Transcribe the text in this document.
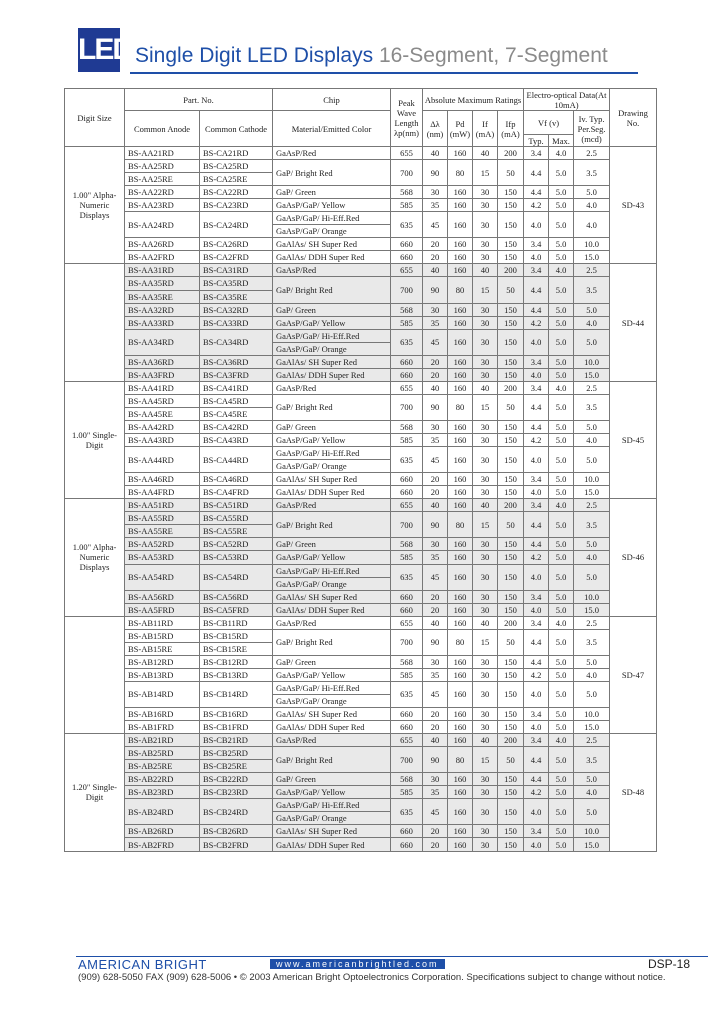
LED Single Digit LED Displays 16-Segment, 7-Segment
Digit Size	Part. No.		Chip	Peak Wave Length λp(nm)	Absolute Maximum Ratings				Electro-optical Data(At 10mA)			Drawing No.
	Common Anode	Common Cathode	Material/Emitted Color		Δλ (nm)	Pd (mW)	If (mA)	Ifp (mA)	Vf (v)		Iv. Typ. Per.Seg. (mcd)	
									Typ.	Max.		
1.00" Alpha-Numeric Displays	BS-AA21RD	BS-CA21RD	GaAsP/Red	655	40	160	40	200	3.4	4.0	2.5	SD-43
	BS-AA25RD	BS-CA25RD	GaP/ Bright Red	700	90	80	15	50	4.4	5.0	3.5	
	BS-AA25RE	BS-CA25RE										
	BS-AA22RD	BS-CA22RD	GaP/ Green	568	30	160	30	150	4.4	5.0	5.0	
	BS-AA23RD	BS-CA23RD	GaAsP/GaP/ Yellow	585	35	160	30	150	4.2	5.0	4.0	
	BS-AA24RD	BS-CA24RD	GaAsP/GaP/ Hi-Eff.Red	635	45	160	30	150	4.0	5.0	4.0	
			GaAsP/GaP/ Orange									
	BS-AA26RD	BS-CA26RD	GaAlAs/ SH Super Red	660	20	160	30	150	3.4	5.0	10.0	
	BS-AA2FRD	BS-CA2FRD	GaAlAs/ DDH Super Red	660	20	160	30	150	4.0	5.0	15.0	
	BS-AA31RD	BS-CA31RD	GaAsP/Red	655	40	160	40	200	3.4	4.0	2.5	SD-44
	BS-AA35RD	BS-CA35RD	GaP/ Bright Red	700	90	80	15	50	4.4	5.0	3.5	
	BS-AA35RE	BS-CA35RE										
	BS-AA32RD	BS-CA32RD	GaP/ Green	568	30	160	30	150	4.4	5.0	5.0	
	BS-AA33RD	BS-CA33RD	GaAsP/GaP/ Yellow	585	35	160	30	150	4.2	5.0	4.0	
	BS-AA34RD	BS-CA34RD	GaAsP/GaP/ Hi-Eff.Red	635	45	160	30	150	4.0	5.0	5.0	
			GaAsP/GaP/ Orange									
	BS-AA36RD	BS-CA36RD	GaAlAs/ SH Super Red	660	20	160	30	150	3.4	5.0	10.0	
	BS-AA3FRD	BS-CA3FRD	GaAlAs/ DDH Super Red	660	20	160	30	150	4.0	5.0	15.0	
1.00" Single-Digit	BS-AA41RD	BS-CA41RD	GaAsP/Red	655	40	160	40	200	3.4	4.0	2.5	SD-45
	BS-AA45RD	BS-CA45RD	GaP/ Bright Red	700	90	80	15	50	4.4	5.0	3.5	
	BS-AA45RE	BS-CA45RE										
	BS-AA42RD	BS-CA42RD	GaP/ Green	568	30	160	30	150	4.4	5.0	5.0	
	BS-AA43RD	BS-CA43RD	GaAsP/GaP/ Yellow	585	35	160	30	150	4.2	5.0	4.0	
	BS-AA44RD	BS-CA44RD	GaAsP/GaP/ Hi-Eff.Red	635	45	160	30	150	4.0	5.0	5.0	
			GaAsP/GaP/ Orange									
	BS-AA46RD	BS-CA46RD	GaAlAs/ SH Super Red	660	20	160	30	150	3.4	5.0	10.0	
	BS-AA4FRD	BS-CA4FRD	GaAlAs/ DDH Super Red	660	20	160	30	150	4.0	5.0	15.0	
1.00" Alpha-Numeric Displays	BS-AA51RD	BS-CA51RD	GaAsP/Red	655	40	160	40	200	3.4	4.0	2.5	SD-46
	BS-AA55RD	BS-CA55RD	GaP/ Bright Red	700	90	80	15	50	4.4	5.0	3.5	
	BS-AA55RE	BS-CA55RE										
	BS-AA52RD	BS-CA52RD	GaP/ Green	568	30	160	30	150	4.4	5.0	5.0	
	BS-AA53RD	BS-CA53RD	GaAsP/GaP/ Yellow	585	35	160	30	150	4.2	5.0	4.0	
	BS-AA54RD	BS-CA54RD	GaAsP/GaP/ Hi-Eff.Red	635	45	160	30	150	4.0	5.0	5.0	
			GaAsP/GaP/ Orange									
	BS-AA56RD	BS-CA56RD	GaAlAs/ SH Super Red	660	20	160	30	150	3.4	5.0	10.0	
	BS-AA5FRD	BS-CA5FRD	GaAlAs/ DDH Super Red	660	20	160	30	150	4.0	5.0	15.0	
	BS-AB11RD	BS-CB11RD	GaAsP/Red	655	40	160	40	200	3.4	4.0	2.5	SD-47
	BS-AB15RD	BS-CB15RD	GaP/ Bright Red	700	90	80	15	50	4.4	5.0	3.5	
	BS-AB15RE	BS-CB15RE										
	BS-AB12RD	BS-CB12RD	GaP/ Green	568	30	160	30	150	4.4	5.0	5.0	
	BS-AB13RD	BS-CB13RD	GaAsP/GaP/ Yellow	585	35	160	30	150	4.2	5.0	4.0	
	BS-AB14RD	BS-CB14RD	GaAsP/GaP/ Hi-Eff.Red	635	45	160	30	150	4.0	5.0	5.0	
			GaAsP/GaP/ Orange									
	BS-AB16RD	BS-CB16RD	GaAlAs/ SH Super Red	660	20	160	30	150	3.4	5.0	10.0	
	BS-AB1FRD	BS-CB1FRD	GaAlAs/ DDH Super Red	660	20	160	30	150	4.0	5.0	15.0	
1.20" Single-Digit	BS-AB21RD	BS-CB21RD	GaAsP/Red	655	40	160	40	200	3.4	4.0	2.5	SD-48
	BS-AB25RD	BS-CB25RD	GaP/ Bright Red	700	90	80	15	50	4.4	5.0	3.5	
	BS-AB25RE	BS-CB25RE										
	BS-AB22RD	BS-CB22RD	GaP/ Green	568	30	160	30	150	4.4	5.0	5.0	
	BS-AB23RD	BS-CB23RD	GaAsP/GaP/ Yellow	585	35	160	30	150	4.2	5.0	4.0	
	BS-AB24RD	BS-CB24RD	GaAsP/GaP/ Hi-Eff.Red	635	45	160	30	150	4.0	5.0	5.0	
			GaAsP/GaP/ Orange									
	BS-AB26RD	BS-CB26RD	GaAlAs/ SH Super Red	660	20	160	30	150	3.4	5.0	10.0	
	BS-AB2FRD	BS-CB2FRD	GaAlAs/ DDH Super Red	660	20	160	30	150	4.0	5.0	15.0	
AMERICAN BRIGHT	www.americanbrightled.com	DSP-18
(909) 628-5050 FAX (909) 628-5006 • © 2003 American Bright Optoelectronics Corporation. Specifications subject to change without notice.
